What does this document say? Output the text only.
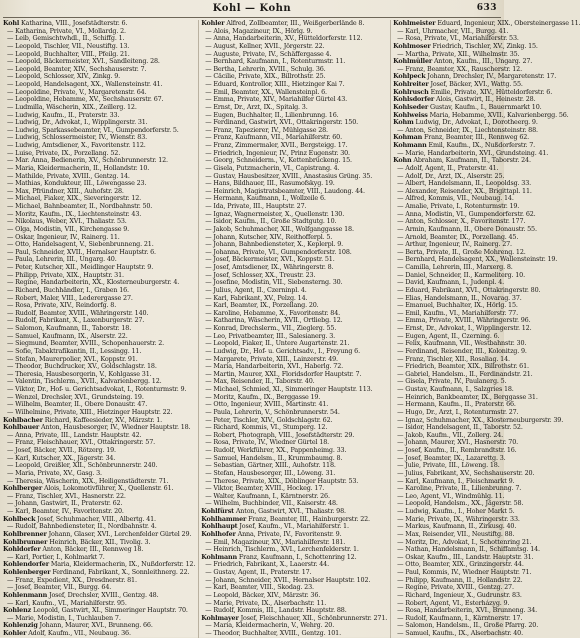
Kohl — Kohn	633
Kohl Katharina, VIII., Josefstädterstr. 6.
— Katharina, Private, VI., Mollardg. 2.
— Leib, Gemischtwhdl., II., Schiffg. 1.
— Leopold, Tischler, VII., Neustiftg. 13.
— Leopold, Buchhalter, VIII., Pfeilg. 21.
— Leopold, Bäckermeister, XVI., Sandleiteng. 28.
— Leopold, Beamter, XIV., Sechshauserstr. 7.
— Leopold, Schlosser, XIV., Zinkg. 9.
— Leopold, Handelsagent, XX., Wallensteinstr. 41.
— Leopoldine, Private, V., Margaretenstr. 64.
— Leopoldine, Hebamme, XV., Sechshauserstr. 67.
— Ludmilla, Wäscherin, XIX., Zeillerg. 12.
— Ludwig, Kaufm., II., Praterstr. 33.
— Ludwig, Dr., Advokat, I., Wipplingerstr. 31.
— Ludwig, Sparkassebeamter, VI., Gumpendorferstr. 5.
— Ludwig, Schlossermeister, IV., Wienstr. 83.
— Ludwig, Amtsdiener, X., Favoritenstr. 112.
— Luise, Private, IX., Porzellang. 52.
— Mar. Anna, Bedienerin, XV., Schönbrunnerstr. 12.
— Maria, Kleidermacherin, II., Hollandstr. 10.
— Mathilde, Private, XVIII., Gentzg. 14.
— Mathias, Kondukteur, III., Löwengasse 23.
— Max, Pfründner, XIII., Auhofstr. 28.
— Michael, Fiaker, XIX., Sieveringerstr. 12.
— Michael, Bahnbeamter, II., Nordbahnstr. 50.
— Moritz, Kaufm., IX., Liechtensteinstr. 43.
— Nikolaus, Weber, XVI., Thaliastr. 53.
— Olga, Modistin, VII., Kirchengasse 9.
— Oskar, Ingenieur, IV., Rainerg. 11.
— Otto, Handelsagent, V., Siebenbrunneng. 21.
— Paul, Schneider, XVII., Hernalser Hauptstr. 6.
— Paula, Lehrerin, III., Ungarg. 40.
— Peter, Kutscher, XII., Meidlinger Hauptstr. 9.
— Philipp, Private, XIX., Hauptstr. 31.
— Regine, Handarbeiterin, XX., Klosterneuburgerstr. 4.
— Richard, Buchhändler, I., Graben 16.
— Robert, Maler, VIII., Lederergasse 27.
— Rosa, Private, XIV., Reindorfg. 8.
— Rudolf, Beamter, XVIII., Währingerstr. 140.
— Rudolf, Fabrikant, X., Laxenburgerstr. 27.
— Salomon, Kaufmann, II., Taborstr. 18.
— Samuel, Kaufmann, IX., Alserstr. 22.
— Siegmund, Beamter, XVIII., Schopenhauerstr. 2.
— Sofie, Tabaktrafikantin, II., Lessingg. 11.
— Stefan, Maurerpolier, XVI., Koppstr. 91.
— Theodor, Buchdrucker, XV., Goldschlagstr. 18.
— Theresia, Hausbesorgerin, V., Kohlgasse 31.
— Valentin, Tischlerm., XVII., Kalvarienbergg. 12.
— Viktor, Dr., Hof- u. Gerichtsadvokat, I., Rotenturmstr. 9.
— Wenzel, Drechsler, XVI., Grundsteing. 19.
— Wilhelm, Beamter, II., Obere Donaustr. 47.
— Wilhelmine, Private, XIII., Hietzinger Hauptstr. 22.
Kohlbacher Richard, Kaffeesieder, XV., Märzstr. 1.
Kohlbauer Anton, Hausbesorger, IV., Wiedner Hauptstr. 18.
— Anna, Private, III., Landstr. Hauptstr. 42.
— Franz, Fleischhauer, XVI., Ottakringerstr. 57.
— Josef, Bäcker, XVII., Rötzerg. 19.
— Karl, Kutscher, XX., Jägerstr. 34.
— Leopold, Greißler, XII., Schönbrunnerstr. 240.
— Maria, Private, XV., Gasg. 3.
— Theresia, Wäscherin, XIX., Heiligenstädterstr. 71.
Kohlberger Alois, Lokomotivführer, X., Quellenstr. 61.
— Franz, Tischler, XVI., Hasnerstr. 22.
— Johann, Gastwirt, II., Praterstr. 62.
— Karl, Beamter, IV., Favoritenstr. 20.
Kohlbeck Josef, Schuhmacher, VIII., Albertg. 41.
— Rudolf, Bahnbediensteter, II., Nordbahnstr. 4.
Kohlbrenner Johann, Glaser, XVI., Lerchenfelder Gürtel 29.
Kohlbrunner Heinrich, Bäcker, XII., Tivolig. 3.
Kohldorfer Anton, Bäcker, III., Rennweg 18.
— Karl, Portier, I., Kohlmarkt 7.
Kohlendorfer Maria, Kleidermacherin, IX., Nußdorferstr. 12.
Kohlenberger Ferdinand, Fabrikant, X., Sonnleithnerg. 22.
— Franz, Expedient, XX., Dresdnerstr. 81.
— Josef, Beamter, VII., Burgg. 64.
Kohlenmann Josef, Drechsler, XVIII., Gentzg. 48.
— Karl, Kaufm., VI., Mariahilferstr. 95.
Kohlenz Leopold, Gastwirt, XI., Simmeringer Hauptstr. 70.
— Marie, Modistin, I., Tuchlauben 7.
Kohlenzig Johann, Maurer, XVI., Brunneng. 66.
Kohler Adolf, Kaufm., VII., Neubaug. 36.
Kohler Alfred, Zollbeamter, III., Weißgerberlände 8.
— Alois, Magazineur, IX., Hörlg. 9.
— Anna, Handarbeiterin, XV., Hütteldorferstr. 112.
— August, Kellner, XVII., Jörgerstr. 22.
— Auguste, Private, IV., Schäffergasse 4.
— Bernhard, Kaufmann, I., Rotenturmstr. 11.
— Bertha, Lehrerin, XVIII., Schulg. 36.
— Cäcilie, Private, XIX., Billrothstr. 25.
— Eduard, Kontrollor, XIII., Hietzinger Kai 7.
— Emil, Beamter, XX., Wallensteinpl. 6.
— Emma, Private, XIV., Mariahilfer Gürtel 43.
— Ernst, Dr., Arzt, IX., Spitalg. 3.
— Eugen, Buchhalter, II., Lilienbrunng. 16.
— Ferdinand, Gastwirt, XVI., Ottakringerstr. 150.
— Franz, Tapezierer, IV., Mühlgasse 28.
— Franz, Kaufmann, VII., Mariahilferstr. 60.
— Franz, Zimmermaler, XVII., Bergsteigg. 17.
— Friedrich, Ingenieur, IV., Prinz Eugenstr. 30.
— Georg, Schneiderm., V., Kettenbrückeng. 15.
— Gisela, Putzmacherin, VI., Capistrang. 4.
— Gustav, Hausbesitzer, XVIII., Anastasius Grüng. 35.
— Hans, Bildhauer, III., Rasumofskyg. 19.
— Heinrich, Magistratsbeamter, VIII., Laudong. 44.
— Hermann, Kaufmann, I., Wollzeile 6.
— Ida, Private, III., Hauptstr. 27.
— Ignaz, Wagnermeister, X., Quellenstr. 130.
— Isidor, Kaufm., II., Große Stadtgutg. 10.
— Jakob, Schuhmacher, XII., Wolfganggasse 18.
— Johann, Kutscher, XIV., Reithofferpl. 5.
— Johann, Bahnbediensteter, X., Keplerpl. 9.
— Johanna, Private, VI., Gumpendorferstr. 108.
— Josef, Bäckermeister, XVI., Koppstr. 51.
— Josef, Amtsdiener, IX., Währingerstr. 8.
— Josef, Schlosser, XX., Treustr. 23.
— Josefine, Modistin, VII., Siebensterng. 30.
— Julius, Agent, II., Czerninpl. 4.
— Karl, Fabrikant, XV., Pelzg. 14.
— Karl, Beamter, IX., Porzellang. 20.
— Karoline, Hebamme, X., Favoritenstr. 84.
— Katharina, Wäscherin, XVII., Ortliebg. 12.
— Konrad, Drechslerm., VII., Zieglerg. 55.
— Leo, Privatbeamter, III., Salesianerg. 3.
— Leopold, Fiaker, II., Untere Augartenstr. 21.
— Ludwig, Dr., Hof- u. Gerichtsadv., I., Freyung 6.
— Margarete, Private, XIII., Lainzerstr. 49.
— Maria, Handarbeiterin, XVI., Haberlg. 72.
— Martin, Maurer, XXI., Floridsdorfer Hauptstr. 7.
— Max, Reisender, II., Taborstr. 40.
— Michael, Schmied, XI., Simmeringer Hauptstr. 113.
— Moritz, Kaufm., IX., Berggasse 19.
— Otto, Ingenieur, XVIII., Martinstr. 41.
— Paula, Lehrerin, V., Schönbrunnerstr. 54.
— Peter, Tischler, XIV., Goldschlagstr. 62.
— Richard, Kommis, VI., Stumperg. 12.
— Robert, Photograph, VIII., Josefstädterstr. 29.
— Rosa, Private, IV., Wiedner Gürtel 18.
— Rudolf, Werkführer, XX., Pappenheimg. 33.
— Samuel, Handelsm., II., Krummbaumg. 8.
— Sebastian, Gärtner, XIII., Auhofstr. 118.
— Stefan, Hausbesorger, III., Löweng. 31.
— Therese, Private, XIX., Döblinger Hauptstr. 53.
— Viktor, Beamter, XVIII., Hockeg. 17.
— Walter, Kaufmann, I., Kärntnerstr. 26.
— Wilhelm, Buchbinder, VII., Kaiserstr. 48.
Kohlfürst Anton, Gastwirt, XVI., Thaliastr. 98.
Kohlhammer Franz, Beamter, III., Hainburgerstr. 22.
Kohlhaupt Josef, Kaufm., VI., Mariahilferstr. 1.
Kohlhofer Anna, Private, IV., Favoritenstr. 9.
— Emil, Magazineur, XV., Mariahilferstr. 181.
— Heinrich, Tischlerm., XVI., Lerchenfelderstr. 1.
Kohlmann Franz, Kaufmann, I., Schottenring 12.
— Friedrich, Fabrikant, X., Laaerstr. 44.
— Gustav, Agent, II., Praterstr. 17.
— Johann, Schneider, XVII., Hernalser Hauptstr. 102.
— Karl, Beamter, VIII., Skodag. 23.
— Leopold, Bäcker, XIV., Märzstr. 36.
— Marie, Private, IX., Alserbachstr. 11.
— Rudolf, Kommis, III., Landstr. Hauptstr. 88.
Kohlmayer Josef, Fleischhauer, XII., Schönbrunnerstr. 271.
— Maria, Kleidermacherin, V., Wehrg. 20.
— Theodor, Buchhalter, XVIII., Gentzg. 101.
Kohlmeister Eduard, Ingenieur, XIX., Obersteinergasse 11.
— Karl, Uhrmacher, VII., Burgg. 41.
— Rosa, Private, VI., Mariahilferstr. 53.
Kohlmoser Friedrich, Tischler, XV., Zinkg. 15.
— Martha, Private, XII., Wilhelmstr. 35.
Kohlmüller Anton, Kaufm., III., Ungarg. 27.
— Franz, Beamter, XX., Rauscherstr. 12.
Kohlpeck Johann, Drechsler, IV., Margaretenstr. 17.
Kohlreiter Josef, Bäcker, XVI., Wattg. 55.
Kohlrusch Emilie, Private, XIV., Hütteldorferstr. 6.
Kohlsdorfer Alois, Gastwirt, II., Heinestr. 28.
Kohlseder Gustav, Kaufm., I., Bauernmarkt 10.
Kohlweiss Maria, Hebamme, XVII., Kalvarienbergg. 56.
Kohm Ludwig, Dr., Advokat, I., Dorotheerg. 9.
— Anton, Schneider, IX., Liechtensteinstr. 88.
Kohman Franz, Beamter, III., Rennweg 62.
Kohmann Emil, Kaufm., IX., Nußdorferstr. 7.
— Marie, Handarbeiterin, XVI., Grundsteing. 41.
Kohn Abraham, Kaufmann, II., Taborstr. 24.
— Adolf, Agent, II., Praterstr. 41.
— Adolf, Dr., Arzt, IX., Alserstr. 25.
— Albert, Handelsmann, II., Leopoldsg. 33.
— Alexander, Reisender, XX., Brigittapl. 11.
— Alfred, Kommis, VII., Neubaug. 14.
— Amalie, Private, I., Rotenturmstr. 19.
— Anna, Modistin, VI., Gumpendorferstr. 62.
— Anton, Schlosser, X., Favoritenstr. 177.
— Armin, Kaufmann, II., Obere Donaustr. 55.
— Arnold, Beamter, IX., Porzellang. 45.
— Arthur, Ingenieur, IV., Rainerg. 27.
— Berta, Private, II., Große Mohreng. 12.
— Bernhard, Handelsagent, XX., Wallensteinstr. 19.
— Camilla, Lehrerin, III., Marxerg. 8.
— Daniel, Schneider, II., Karmeliterg. 10.
— David, Kaufmann, I., Judenpl. 4.
— Eduard, Fabrikant, XVI., Ottakringerstr. 80.
— Elias, Handelsmann, II., Novarag. 37.
— Emanuel, Buchhalter, IX., Hörlg. 15.
— Emil, Kaufm., VI., Mariahilferstr. 77.
— Emma, Private, XVIII., Währingerstr. 96.
— Ernst, Dr., Advokat, I., Wipplingerstr. 12.
— Eugen, Agent, II., Czerning. 6.
— Felix, Kaufmann, VII., Westbahnstr. 30.
— Ferdinand, Reisender, III., Kolonitzg. 9.
— Franz, Tischler, XII., Rosaliag. 14.
— Friedrich, Beamter, XIX., Billrothstr. 61.
— Gabriel, Handelsm., II., Ferdinandstr. 21.
— Gisela, Private, IV., Paulanerg. 5.
— Gustav, Kaufmann, I., Salzgries 18.
— Heinrich, Bankbeamter, IX., Berggasse 31.
— Hermann, Kaufm., II., Praterstr. 66.
— Hugo, Dr., Arzt, I., Rotenturmstr. 27.
— Ignaz, Schuhmacher, XX., Klosterneuburgerstr. 39.
— Isidor, Handelsagent, II., Taborstr. 52.
— Jakob, Kaufm., VII., Zollerg. 24.
— Johann, Maurer, XVI., Hasnerstr. 70.
— Josef, Kaufm., II., Rembrandtstr. 16.
— Josef, Beamter, IX., Lazarettg. 3.
— Julie, Private, III., Löweng. 18.
— Julius, Fabrikant, XV., Sechshauserstr. 20.
— Karl, Kaufmann, I., Fleischmarkt 9.
— Karoline, Private, II., Lilienbrunng. 7.
— Leo, Agent, VI., Windmühlg. 11.
— Leopold, Handelsm., XX., Jägerstr. 58.
— Ludwig, Kaufm., I., Hoher Markt 5.
— Marie, Private, IX., Währingerstr. 33.
— Markus, Kaufmann, II., Zirkusg. 40.
— Max, Reisender, VII., Neustiftg. 88.
— Moritz, Dr., Advokat, I., Schottenring 21.
— Nathan, Handelsmann, II., Schiffamtsg. 14.
— Oskar, Kaufm., III., Landstr. Hauptstr. 31.
— Otto, Beamter, XIX., Grinzingerstr. 44.
— Paul, Kommis, IV., Wiedner Hauptstr. 71.
— Philipp, Kaufmann, II., Hollandstr. 22.
— Regine, Private, XVIII., Gentzg. 27.
— Richard, Ingenieur, X., Gudrunstr. 83.
— Robert, Agent, VI., Esterházyg. 9.
— Rosa, Handarbeiterin, XVI., Brunneng. 34.
— Rudolf, Kaufmann, I., Kärntnerstr. 17.
— Salomon, Handelsm., II., Große Pfarrg. 20.
— Samuel, Kaufm., IX., Alserbachstr. 40.
